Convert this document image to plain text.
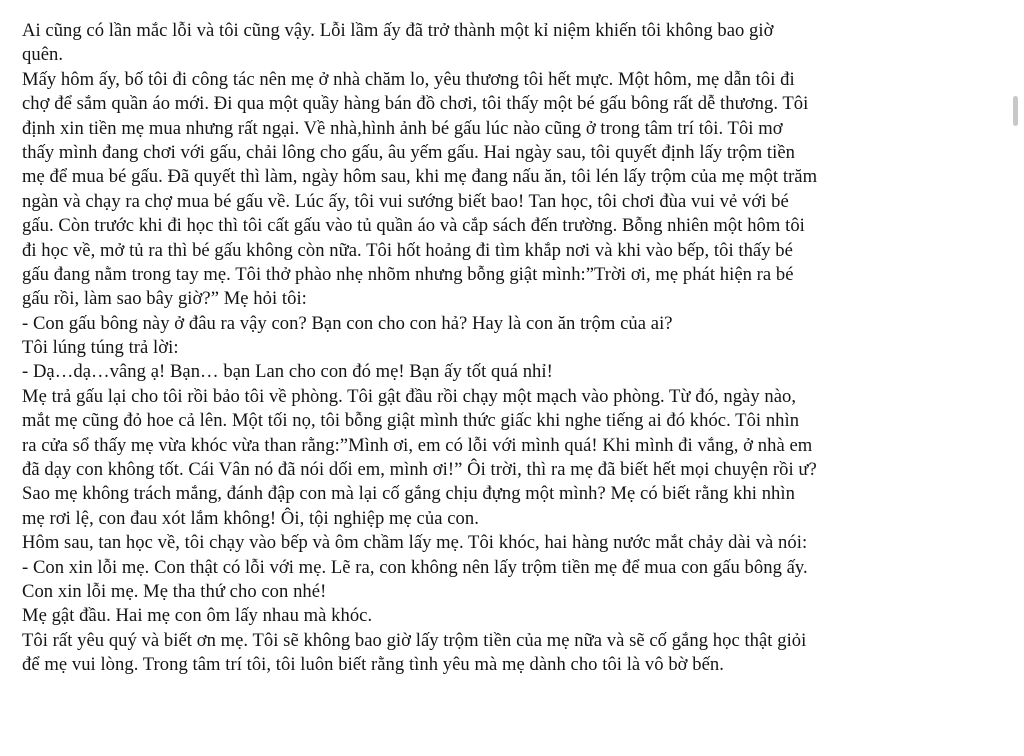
Ai cũng có lần mắc lỗi và tôi cũng vậy. Lỗi lầm ấy đã trở thành một kỉ niệm khiến tôi không bao giờ
quên.
Mấy hôm ấy, bố tôi đi công tác nên mẹ ở nhà chăm lo, yêu thương tôi hết mực. Một hôm, mẹ dẫn tôi đi
chợ để sắm quần áo mới. Đi qua một quầy hàng bán đồ chơi, tôi thấy một bé gấu bông rất dễ thương. Tôi
định xin tiền mẹ mua nhưng rất ngại. Về nhà,hình ảnh bé gấu lúc nào cũng ở trong tâm trí tôi. Tôi mơ
thấy mình đang chơi với gấu, chải lông cho gấu, âu yếm gấu. Hai ngày sau, tôi quyết định lấy trộm tiền
mẹ để mua bé gấu. Đã quyết thì làm, ngày hôm sau, khi mẹ đang nấu ăn, tôi lén lấy trộm của mẹ một trăm
ngàn và chạy ra chợ mua bé gấu về. Lúc ấy, tôi vui sướng biết bao! Tan học, tôi chơi đùa vui vẻ với bé
gấu. Còn trước khi đi học thì tôi cất gấu vào tủ quần áo và cắp sách đến trường. Bỗng nhiên một hôm tôi
đi học về, mở tủ ra thì bé gấu không còn nữa. Tôi hốt hoảng đi tìm khắp nơi và khi vào bếp, tôi thấy bé
gấu đang nằm trong tay mẹ. Tôi thở phào nhẹ nhõm nhưng bỗng giật mình:”Trời ơi, mẹ phát hiện ra bé
gấu rồi, làm sao bây giờ?” Mẹ hỏi tôi:
- Con gấu bông này ở đâu ra vậy con? Bạn con cho con hả? Hay là con ăn trộm của ai?
Tôi lúng túng trả lời:
- Dạ…dạ…vâng ạ! Bạn… bạn Lan cho con đó mẹ! Bạn ấy tốt quá nhỉ!
Mẹ trả gấu lại cho tôi rồi bảo tôi về phòng. Tôi gật đầu rồi chạy một mạch vào phòng. Từ đó, ngày nào,
mắt mẹ cũng đỏ hoe cả lên. Một tối nọ, tôi bỗng giật mình thức giấc khi nghe tiếng ai đó khóc. Tôi nhìn
ra cửa sổ thấy mẹ vừa khóc vừa than rằng:”Mình ơi, em có lỗi với mình quá! Khi mình đi vắng, ở nhà em
đã dạy con không tốt. Cái Vân nó đã nói dối em, mình ơi!” Ôi trời, thì ra mẹ đã biết hết mọi chuyện rồi ư?
Sao mẹ không trách mắng, đánh đập con mà lại cố gắng chịu đựng một mình? Mẹ có biết rằng khi nhìn
mẹ rơi lệ, con đau xót lắm không! Ôi, tội nghiệp mẹ của con.
Hôm sau, tan học về, tôi chạy vào bếp và ôm chầm lấy mẹ. Tôi khóc, hai hàng nước mắt chảy dài và nói:
- Con xin lỗi mẹ. Con thật có lỗi với mẹ. Lẽ ra, con không nên lấy trộm tiền mẹ để mua con gấu bông ấy.
Con xin lỗi mẹ. Mẹ tha thứ cho con nhé!
Mẹ gật đầu. Hai mẹ con ôm lấy nhau mà khóc.
Tôi rất yêu quý và biết ơn mẹ. Tôi sẽ không bao giờ lấy trộm tiền của mẹ nữa và sẽ cố gắng học thật giỏi
để mẹ vui lòng. Trong tâm trí tôi, tôi luôn biết rằng tình yêu mà mẹ dành cho tôi là vô bờ bến.
